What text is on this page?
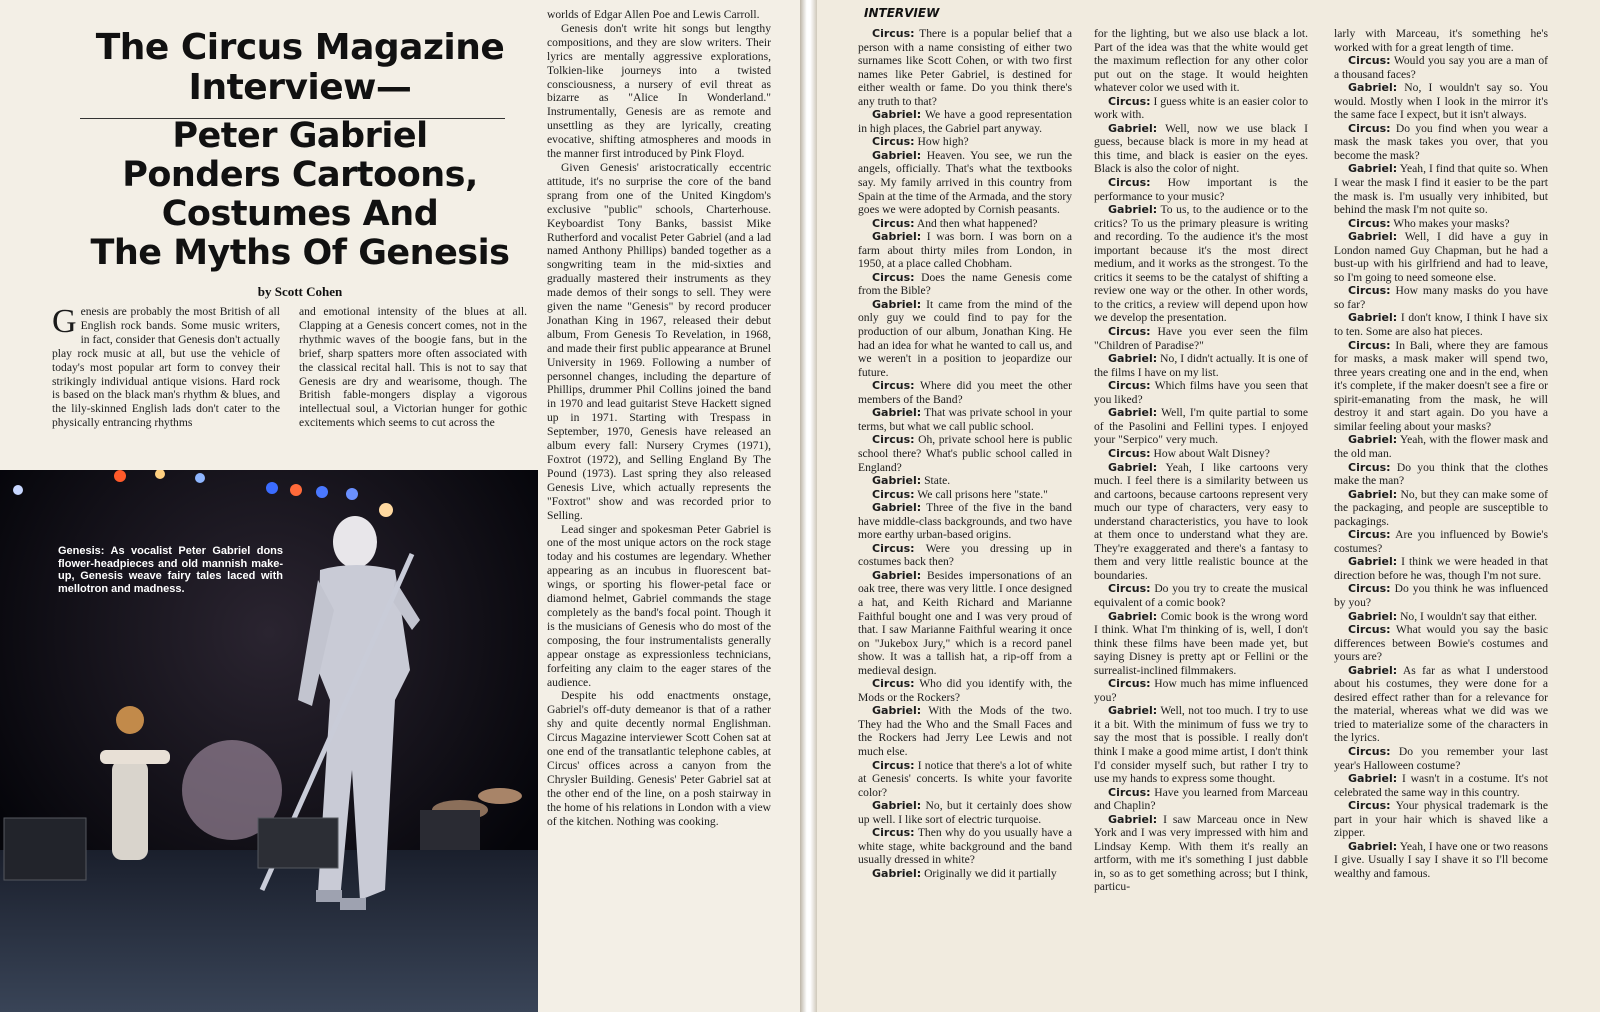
The Circus Magazine
Interview—
Peter Gabriel
Ponders Cartoons,
Costumes And
The Myths Of Genesis
by Scott Cohen

Genesis are probably the most British of all English rock bands. Some music writers, in fact, consider that Genesis don't actually play rock music at all, but use the vehicle of today's most popular art form to convey their strikingly individual antique visions. Hard rock is based on the black man's rhythm & blues, and the lily-skinned English lads don't cater to the physically entrancing rhythms

and emotional intensity of the blues at all. Clapping at a Genesis concert comes, not in the rhythmic waves of the boogie fans, but in the brief, sharp spatters more often associated with the classical recital hall. This is not to say that Genesis are dry and wearisome, though. The British fable-mongers display a vigorous intellectual soul, a Victorian hunger for gothic excitements which seems to cut across the

worlds of Edgar Allen Poe and Lewis Carroll.

Genesis don't write hit songs but lengthy compositions, and they are slow writers. Their lyrics are mentally aggressive explorations, Tolkien-like journeys into a twisted consciousness, a nursery of evil threat as bizarre as "Alice In Wonderland." Instrumentally, Genesis are as remote and unsettling as they are lyrically, creating evocative, shifting atmospheres and moods in the manner first introduced by Pink Floyd.

Given Genesis' aristocratically eccentric attitude, it's no surprise the core of the band sprang from one of the United Kingdom's exclusive "public" schools, Charterhouse. Keyboardist Tony Banks, bassist Mike Rutherford and vocalist Peter Gabriel (and a lad named Anthony Phillips) banded together as a songwriting team in the mid-sixties and gradually mastered their instruments as they made demos of their songs to sell. They were given the name "Genesis" by record producer Jonathan King in 1967, released their debut album, From Genesis To Revelation, in 1968, and made their first public appearance at Brunel University in 1969. Following a number of personnel changes, including the departure of Phillips, drummer Phil Collins joined the band in 1970 and lead guitarist Steve Hackett signed up in 1971. Starting with Trespass in September, 1970, Genesis have released an album every fall: Nursery Crymes (1971), Foxtrot (1972), and Selling England By The Pound (1973). Last spring they also released Genesis Live, which actually represents the "Foxtrot" show and was recorded prior to Selling.

Lead singer and spokesman Peter Gabriel is one of the most unique actors on the rock stage today and his costumes are legendary. Whether appearing as an incubus in fluorescent bat-wings, or sporting his flower-petal face or diamond helmet, Gabriel commands the stage completely as the band's focal point. Though it is the musicians of Genesis who do most of the composing, the four instrumentalists generally appear onstage as expressionless technicians, forfeiting any claim to the eager stares of the audience.

Despite his odd enactments onstage, Gabriel's off-duty demeanor is that of a rather shy and quite decently normal Englishman. Circus Magazine interviewer Scott Cohen sat at one end of the transatlantic telephone cables, at Circus' offices across a canyon from the Chrysler Building. Genesis' Peter Gabriel sat at the other end of the line, on a posh stairway in the home of his relations in London with a view of the kitchen. Nothing was cooking.

Genesis: As vocalist Peter Gabriel dons flower-headpieces and old mannish make-up, Genesis weave fairy tales laced with mellotron and madness.
INTERVIEW

Circus: There is a popular belief that a person with a name consisting of either two surnames like Scott Cohen, or with two first names like Peter Gabriel, is destined for either wealth or fame. Do you think there's any truth to that?

Gabriel: We have a good representation in high places, the Gabriel part anyway.

Circus: How high?

Gabriel: Heaven. You see, we run the angels, officially. That's what the textbooks say. My family arrived in this country from Spain at the time of the Armada, and the story goes we were adopted by Cornish peasants.

Circus: And then what happened?

Gabriel: I was born. I was born on a farm about thirty miles from London, in 1950, at a place called Chobham.

Circus: Does the name Genesis come from the Bible?

Gabriel: It came from the mind of the only guy we could find to pay for the production of our album, Jonathan King. He had an idea for what he wanted to call us, and we weren't in a position to jeopardize our future.

Circus: Where did you meet the other members of the Band?

Gabriel: That was private school in your terms, but what we call public school.

Circus: Oh, private school here is public school there? What's public school called in England?

Gabriel: State.

Circus: We call prisons here "state."

Gabriel: Three of the five in the band have middle-class backgrounds, and two have more earthy urban-based origins.

Circus: Were you dressing up in costumes back then?

Gabriel: Besides impersonations of an oak tree, there was very little. I once designed a hat, and Keith Richard and Marianne Faithful bought one and I was very proud of that. I saw Marianne Faithful wearing it once on "Jukebox Jury," which is a record panel show. It was a tallish hat, a rip-off from a medieval design.

Circus: Who did you identify with, the Mods or the Rockers?

Gabriel: With the Mods of the two. They had the Who and the Small Faces and the Rockers had Jerry Lee Lewis and not much else.

Circus: I notice that there's a lot of white at Genesis' concerts. Is white your favorite color?

Gabriel: No, but it certainly does show up well. I like sort of electric turquoise.

Circus: Then why do you usually have a white stage, white background and the band usually dressed in white?

Gabriel: Originally we did it partially

for the lighting, but we also use black a lot. Part of the idea was that the white would get the maximum reflection for any other color put out on the stage. It would heighten whatever color we used with it.

Circus: I guess white is an easier color to work with.

Gabriel: Well, now we use black I guess, because black is more in my head at this time, and black is easier on the eyes. Black is also the color of night.

Circus: How important is the performance to your music?

Gabriel: To us, to the audience or to the critics? To us the primary pleasure is writing and recording. To the audience it's the most important because it's the most direct medium, and it works as the strongest. To the critics it seems to be the catalyst of shifting a review one way or the other. In other words, to the critics, a review will depend upon how we develop the presentation.

Circus: Have you ever seen the film "Children of Paradise?"

Gabriel: No, I didn't actually. It is one of the films I have on my list.

Circus: Which films have you seen that you liked?

Gabriel: Well, I'm quite partial to some of the Pasolini and Fellini types. I enjoyed your "Serpico" very much.

Circus: How about Walt Disney?

Gabriel: Yeah, I like cartoons very much. I feel there is a similarity between us and cartoons, because cartoons represent very much our type of characters, very easy to understand characteristics, you have to look at them once to understand what they are. They're exaggerated and there's a fantasy to them and very little realistic bounce at the boundaries.

Circus: Do you try to create the musical equivalent of a comic book?

Gabriel: Comic book is the wrong word I think. What I'm thinking of is, well, I don't think these films have been made yet, but saying Disney is pretty apt or Fellini or the surrealist-inclined filmmakers.

Circus: How much has mime influenced you?

Gabriel: Well, not too much. I try to use it a bit. With the minimum of fuss we try to say the most that is possible. I really don't think I make a good mime artist, I don't think I'd consider myself such, but rather I try to use my hands to express some thought.

Circus: Have you learned from Marceau and Chaplin?

Gabriel: I saw Marceau once in New York and I was very impressed with him and Lindsay Kemp. With them it's really an artform, with me it's something I just dabble in, so as to get something across; but I think, particu-

larly with Marceau, it's something he's worked with for a great length of time.

Circus: Would you say you are a man of a thousand faces?

Gabriel: No, I wouldn't say so. You would. Mostly when I look in the mirror it's the same face I expect, but it isn't always.

Circus: Do you find when you wear a mask the mask takes you over, that you become the mask?

Gabriel: Yeah, I find that quite so. When I wear the mask I find it easier to be the part the mask is. I'm usually very inhibited, but behind the mask I'm not quite so.

Circus: Who makes your masks?

Gabriel: Well, I did have a guy in London named Guy Chapman, but he had a bust-up with his girlfriend and had to leave, so I'm going to need someone else.

Circus: How many masks do you have so far?

Gabriel: I don't know, I think I have six to ten. Some are also hat pieces.

Circus: In Bali, where they are famous for masks, a mask maker will spend two, three years creating one and in the end, when it's complete, if the maker doesn't see a fire or spirit-emanating from the mask, he will destroy it and start again. Do you have a similar feeling about your masks?

Gabriel: Yeah, with the flower mask and the old man.

Circus: Do you think that the clothes make the man?

Gabriel: No, but they can make some of the packaging, and people are susceptible to packagings.

Circus: Are you influenced by Bowie's costumes?

Gabriel: I think we were headed in that direction before he was, though I'm not sure.

Circus: Do you think he was influenced by you?

Gabriel: No, I wouldn't say that either.

Circus: What would you say the basic differences between Bowie's costumes and yours are?

Gabriel: As far as what I understood about his costumes, they were done for a desired effect rather than for a relevance for the material, whereas what we did was we tried to materialize some of the characters in the lyrics.

Circus: Do you remember your last year's Halloween costume?

Gabriel: I wasn't in a costume. It's not celebrated the same way in this country.

Circus: Your physical trademark is the part in your hair which is shaved like a zipper.

Gabriel: Yeah, I have one or two reasons I give. Usually I say I shave it so I'll become wealthy and famous.
